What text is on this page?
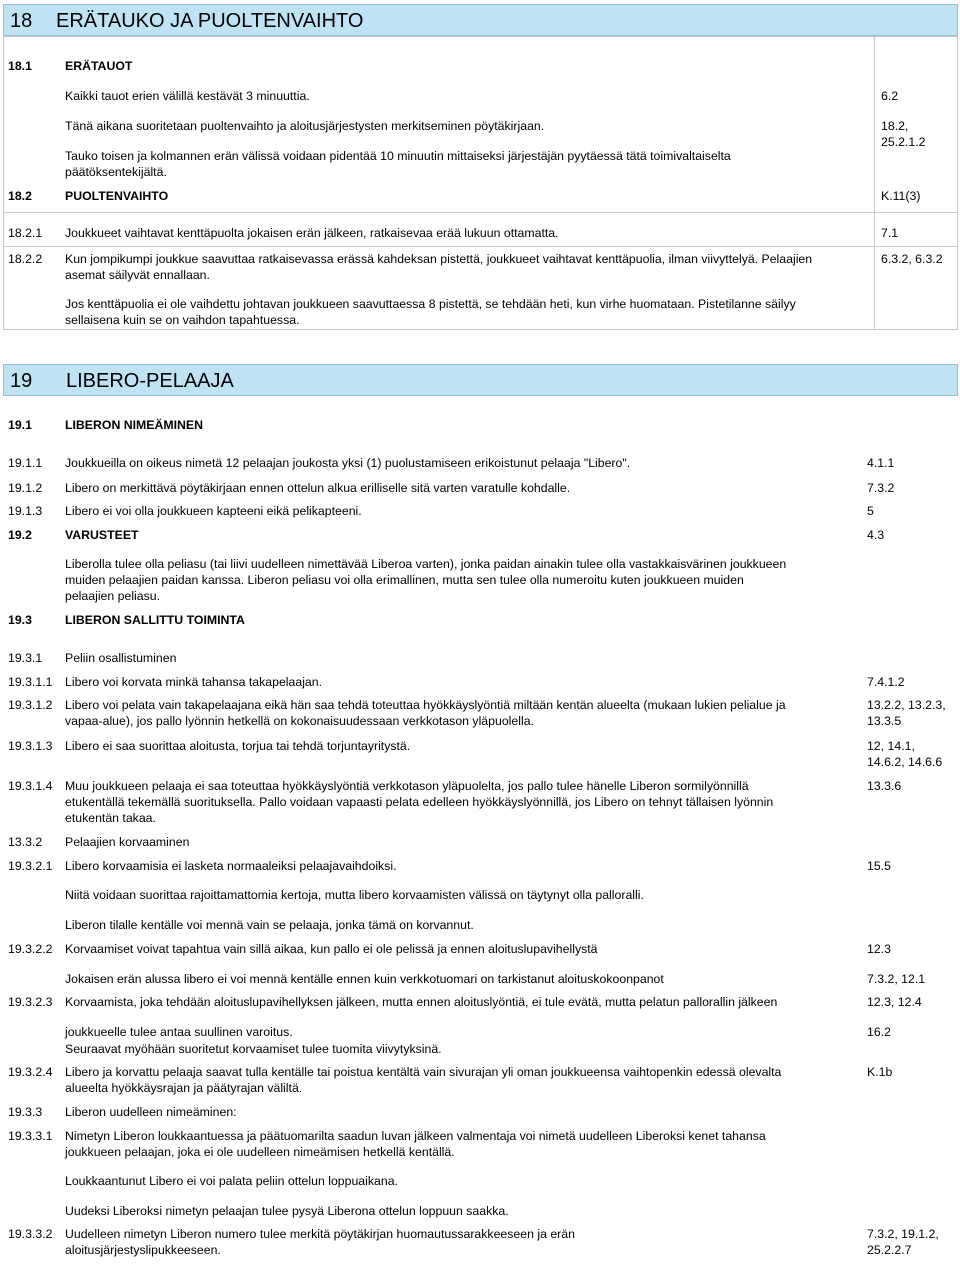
18 ERÄTAUKO JA PUOLTENVAIHTO
18.1	ERÄTAUOT
Kaikki tauot erien välillä kestävät 3 minuuttia.	6.2
Tänä aikana suoritetaan puoltenvaihto ja aloitusjärjestysten merkitseminen pöytäkirjaan.	18.2,
25.2.1.2
Tauko toisen ja kolmannen erän välissä voidaan pidentää 10 minuutin mittaiseksi järjestäjän pyytäessä tätä toimivaltaiselta
päätöksentekijältä.
18.2	PUOLTENVAIHTO	K.11(3)
18.2.1 Joukkueet vaihtavat kenttäpuolta jokaisen erän jälkeen, ratkaisevaa erää lukuun ottamatta.	7.1
18.2.2 Kun jompikumpi joukkue saavuttaa ratkaisevassa erässä kahdeksan pistettä, joukkueet vaihtavat kenttäpuolia, ilman viivyttelyä. Pelaajien
asemat säilyvät ennallaan.
6.3.2, 6.3.2
Jos kenttäpuolia ei ole vaihdettu johtavan joukkueen saavuttaessa 8 pistettä, se tehdään heti, kun virhe huomataan. Pistetilanne säilyy
sellaisena kuin se on vaihdon tapahtuessa.
19 LIBERO-PELAAJA
19.1	LIBERON NIMEÄMINEN
19.1.1 Joukkueilla on oikeus nimetä 12 pelaajan joukosta yksi (1) puolustamiseen erikoistunut pelaaja "Libero".	4.1.1
19.1.2 Libero on merkittävä pöytäkirjaan ennen ottelun alkua erilliselle sitä varten varatulle kohdalle.	7.3.2
19.1.3 Libero ei voi olla joukkueen kapteeni eikä pelikapteeni.	5
19.2	VARUSTEET	4.3
Liberolla tulee olla peliasu (tai liivi uudelleen nimettävää Liberoa varten), jonka paidan ainakin tulee olla vastakkaisvärinen joukkueen
muiden pelaajien paidan kanssa. Liberon peliasu voi olla erimallinen, mutta sen tulee olla numeroitu kuten joukkueen muiden
pelaajien peliasu.
19.3	LIBERON SALLITTU TOIMINTA
19.3.1 Peliin osallistuminen
19.3.1.1 Libero voi korvata minkä tahansa takapelaajan.	7.4.1.2
19.3.1.2 Libero voi pelata vain takapelaajana eikä hän saa tehdä toteuttaa hyökkäyslyöntiä miltään kentän alueelta (mukaan lukien pelialue ja	13.2.2, 13.2.3,
vapaa-alue), jos pallo lyönnin hetkellä on kokonaisuudessaan verkkotason yläpuolella.	13.3.5
19.3.1.3 Libero ei saa suorittaa aloitusta, torjua tai tehdä torjuntayritystä.	12, 14.1,
14.6.2, 14.6.6
19.3.1.4 Muu joukkueen pelaaja ei saa toteuttaa hyökkäyslyöntiä verkkotason yläpuolelta, jos pallo tulee hänelle Liberon sormilyönnillä	13.3.6
etukentällä tekemällä suorituksella. Pallo voidaan vapaasti pelata edelleen hyökkäyslyönnillä, jos Libero on tehnyt tällaisen lyönnin
etukentän takaa.
13.3.2 Pelaajien korvaaminen
19.3.2.1 Libero korvaamisia ei lasketa normaaleiksi pelaajavaihdoiksi.	15.5
Niitä voidaan suorittaa rajoittamattomia kertoja, mutta libero korvaamisten välissä on täytynyt olla palloralli.
Liberon tilalle kentälle voi mennä vain se pelaaja, jonka tämä on korvannut.
19.3.2.2 Korvaamiset voivat tapahtua vain sillä aikaa, kun pallo ei ole pelissä ja ennen aloituslupavihellystä	12.3
Jokaisen erän alussa libero ei voi mennä kentälle ennen kuin verkkotuomari on tarkistanut aloituskokoonpanot	7.3.2, 12.1
19.3.2.3 Korvaamista, joka tehdään aloituslupavihellyksen jälkeen, mutta ennen aloituslyöntiä, ei tule evätä, mutta pelatun pallorallin jälkeen	12.3, 12.4
joukkueelle tulee antaa suullinen varoitus.	16.2
Seuraavat myöhään suoritetut korvaamiset tulee tuomita viivytyksinä.
19.3.2.4 Libero ja korvattu pelaaja saavat tulla kentälle tai poistua kentältä vain sivurajan yli oman joukkueensa vaihtopenkin edessä olevalta	K.1b
alueelta hyökkäysrajan ja päätyrajan väliltä.
19.3.3 Liberon uudelleen nimeäminen:
19.3.3.1 Nimetyn Liberon loukkaantuessa ja päätuomarilta saadun luvan jälkeen valmentaja voi nimetä uudelleen Liberoksi kenet tahansa
joukkueen pelaajan, joka ei ole uudelleen nimeämisen hetkellä kentällä.
Loukkaantunut Libero ei voi palata peliin ottelun loppuaikana.
Uudeksi Liberoksi nimetyn pelaajan tulee pysyä Liberona ottelun loppuun saakka.
19.3.3.2 Uudelleen nimetyn Liberon numero tulee merkitä pöytäkirjan huomautussarakkeeseen ja erän	7.3.2, 19.1.2,
aloitusjärjestyslipukkeeseen.	25.2.2.7
